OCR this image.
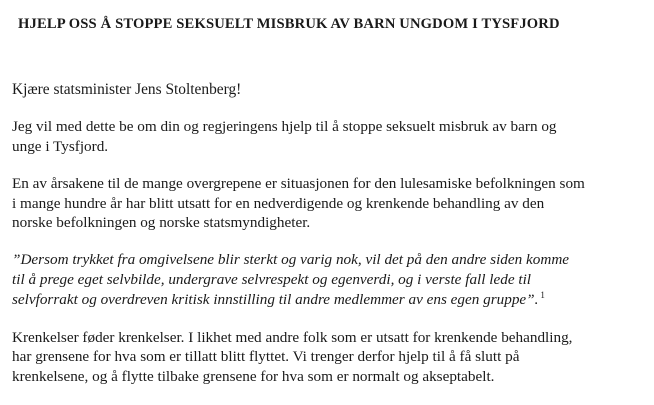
HJELP OSS Å STOPPE SEKSUELT MISBRUK AV BARN UNGDOM I TYSFJORD

Kjære statsminister Jens Stoltenberg!

Jeg vil med dette be om din og regjeringens hjelp til å stoppe seksuelt misbruk av barn og
unge i Tysfjord.

En av årsakene til de mange overgrepene er situasjonen for den lulesamiske befolkningen som
i mange hundre år har blitt utsatt for en nedverdigende og krenkende behandling av den
norske befolkningen og norske statsmyndigheter.

”Dersom trykket fra omgivelsene blir sterkt og varig nok, vil det på den andre siden komme
til å prege eget selvbilde, undergrave selvrespekt og egenverdi, og i verste fall lede til
selvforrakt og overdreven kritisk innstilling til andre medlemmer av ens egen gruppe”. $^1$

Krenkelser føder krenkelser. I likhet med andre folk som er utsatt for krenkende behandling,
har grensene for hva som er tillatt blitt flyttet. Vi trenger derfor hjelp til å få slutt på
krenkelsene, og å flytte tilbake grensene for hva som er normalt og akseptabelt.
